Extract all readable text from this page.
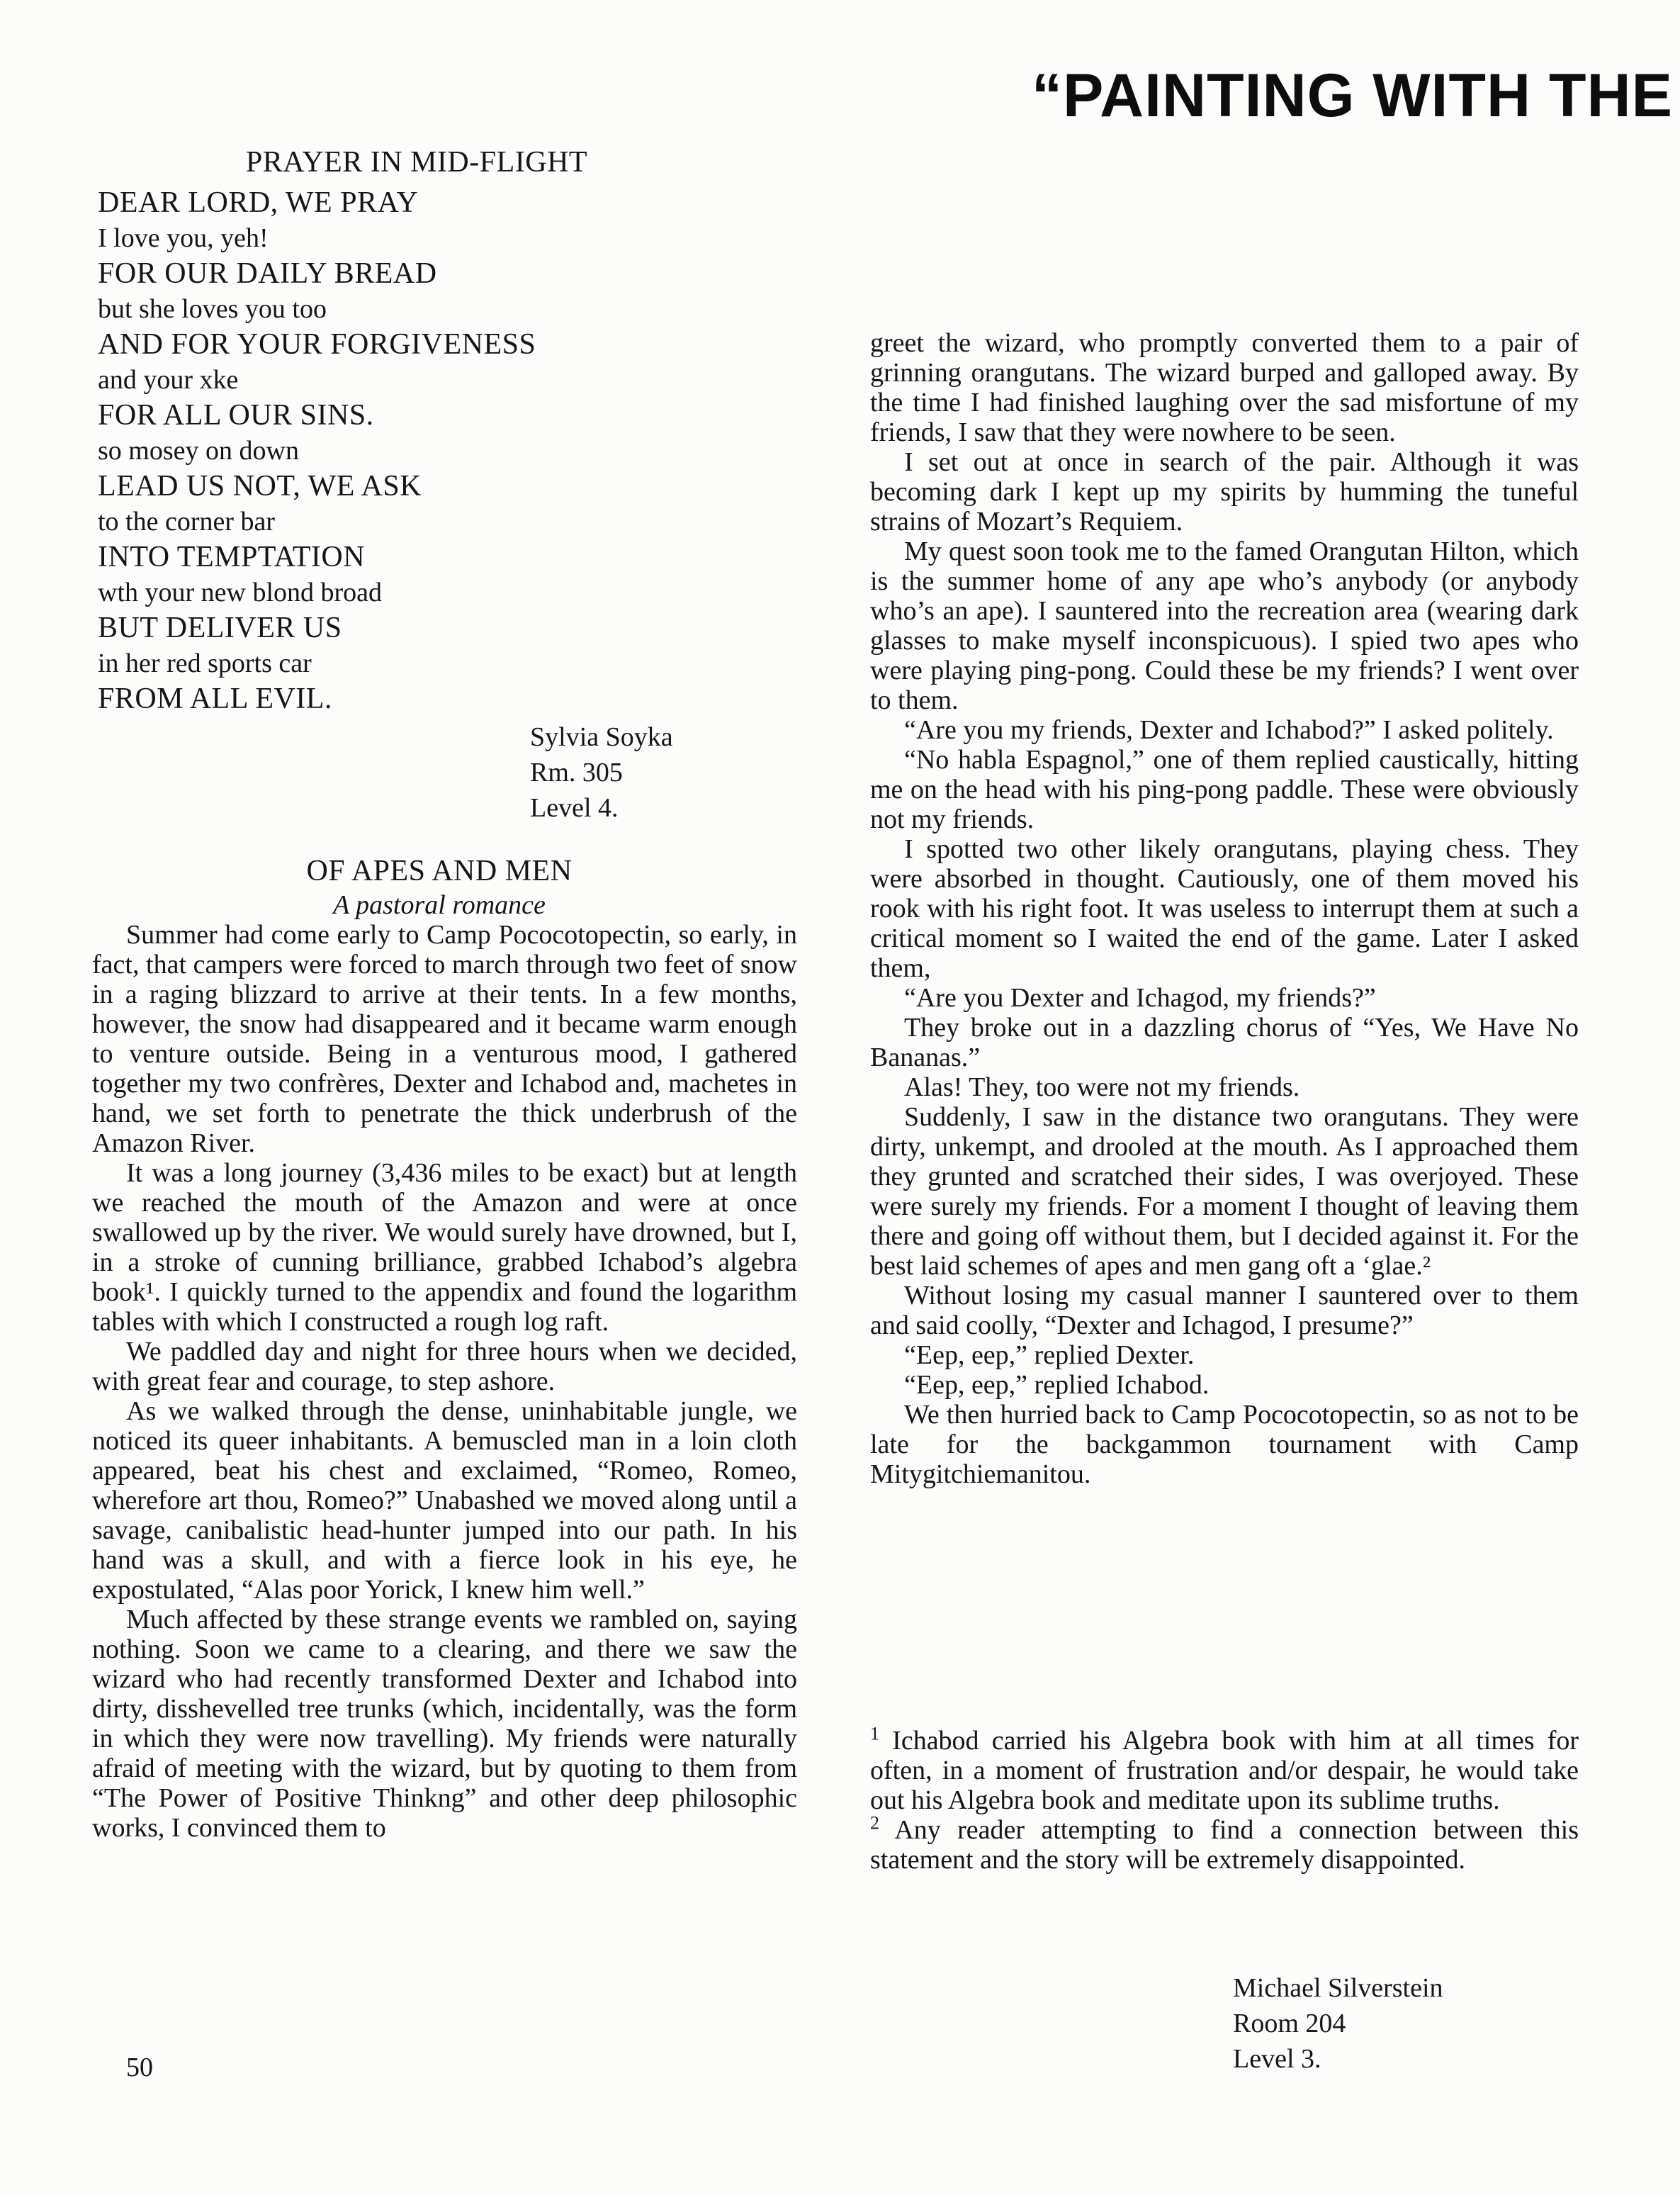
“PAINTING WITH THE
PRAYER IN MID-FLIGHT
DEAR LORD, WE PRAY
I love you, yeh!
FOR OUR DAILY BREAD
but she loves you too
AND FOR YOUR FORGIVENESS
and your xke
FOR ALL OUR SINS.
so mosey on down
LEAD US NOT, WE ASK
to the corner bar
INTO TEMPTATION
wth your new blond broad
BUT DELIVER US
in her red sports car
FROM ALL EVIL.
Sylvia Soyka
Rm. 305
Level 4.
OF APES AND MEN
A pastoral romance

Summer had come early to Camp Pococotopectin, so early, in fact, that campers were forced to march through two feet of snow in a raging blizzard to arrive at their tents. In a few months, however, the snow had disappeared and it became warm enough to venture outside. Being in a venturous mood, I gathered together my two confrères, Dexter and Ichabod and, machetes in hand, we set forth to penetrate the thick underbrush of the Amazon River.

It was a long journey (3,436 miles to be exact) but at length we reached the mouth of the Amazon and were at once swallowed up by the river. We would surely have drowned, but I, in a stroke of cunning brilliance, grabbed Ichabod’s algebra book¹. I quickly turned to the appendix and found the logarithm tables with which I constructed a rough log raft.

We paddled day and night for three hours when we decided, with great fear and courage, to step ashore.

As we walked through the dense, uninhabitable jungle, we noticed its queer inhabitants. A bemuscled man in a loin cloth appeared, beat his chest and exclaimed, “Romeo, Romeo, wherefore art thou, Romeo?” Unabashed we moved along until a savage, canibalistic head-hunter jumped into our path. In his hand was a skull, and with a fierce look in his eye, he expostulated, “Alas poor Yorick, I knew him well.”

Much affected by these strange events we rambled on, saying nothing. Soon we came to a clearing, and there we saw the wizard who had recently transformed Dexter and Ichabod into dirty, disshevelled tree trunks (which, incidentally, was the form in which they were now travelling). My friends were naturally afraid of meeting with the wizard, but by quoting to them from “The Power of Positive Thinkng” and other deep philosophic works, I convinced them to

greet the wizard, who promptly converted them to a pair of grinning orangutans. The wizard burped and galloped away. By the time I had finished laughing over the sad misfortune of my friends, I saw that they were nowhere to be seen.

I set out at once in search of the pair. Although it was becoming dark I kept up my spirits by humming the tuneful strains of Mozart’s Requiem.

My quest soon took me to the famed Orangutan Hilton, which is the summer home of any ape who’s anybody (or anybody who’s an ape). I sauntered into the recreation area (wearing dark glasses to make myself inconspicuous). I spied two apes who were playing ping-pong. Could these be my friends? I went over to them.

“Are you my friends, Dexter and Ichabod?” I asked politely.

“No habla Espagnol,” one of them replied caustically, hitting me on the head with his ping-pong paddle. These were obviously not my friends.

I spotted two other likely orangutans, playing chess. They were absorbed in thought. Cautiously, one of them moved his rook with his right foot. It was useless to interrupt them at such a critical moment so I waited the end of the game. Later I asked them,

“Are you Dexter and Ichagod, my friends?”

They broke out in a dazzling chorus of “Yes, We Have No Bananas.”

Alas! They, too were not my friends.

Suddenly, I saw in the distance two orangutans. They were dirty, unkempt, and drooled at the mouth. As I approached them they grunted and scratched their sides, I was overjoyed. These were surely my friends. For a moment I thought of leaving them there and going off without them, but I decided against it. For the best laid schemes of apes and men gang oft a ‘glae.²

Without losing my casual manner I sauntered over to them and said coolly, “Dexter and Ichagod, I presume?”

“Eep, eep,” replied Dexter.

“Eep, eep,” replied Ichabod.

We then hurried back to Camp Pococotopectin, so as not to be late for the backgammon tournament with Camp Mitygitchiemanitou.

$^1$ Ichabod carried his Algebra book with him at all times for often, in a moment of frustration and/or despair, he would take out his Algebra book and meditate upon its sublime truths.

$^2$ Any reader attempting to find a connection between this statement and the story will be extremely disappointed.

Michael Silverstein
Room 204
Level 3.
50
